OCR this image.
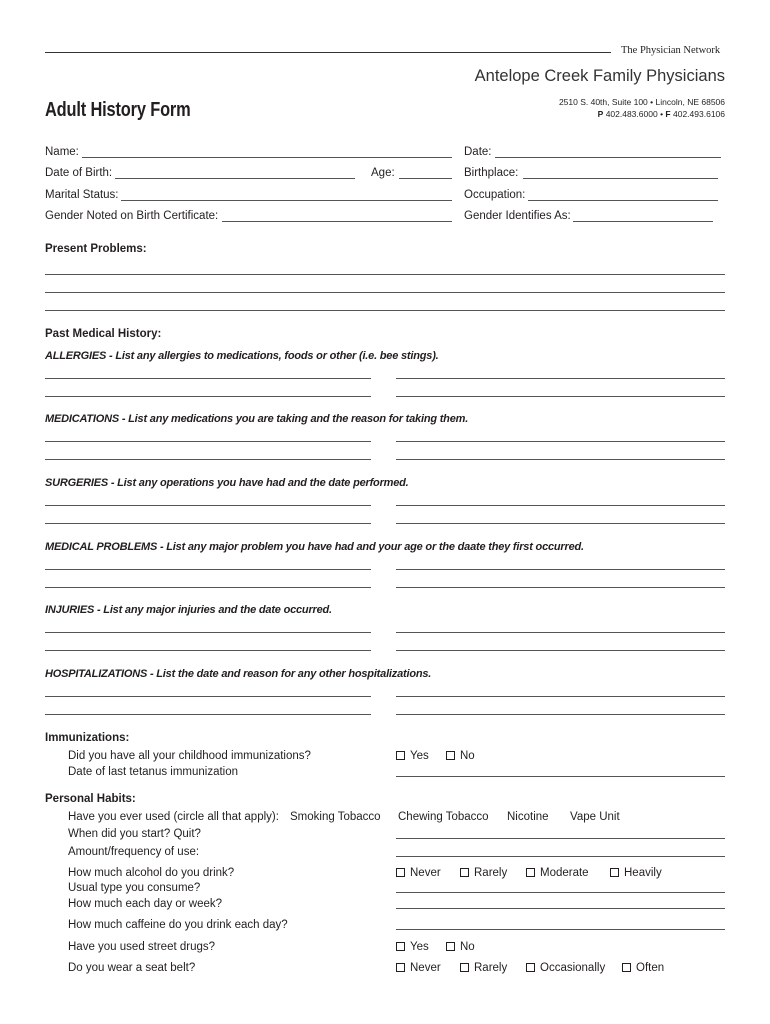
The Physician Network
Antelope Creek Family Physicians
2510 S. 40th, Suite 100 • Lincoln, NE 68506
P 402.483.6000 • F 402.493.6106
Adult History Form
Name:	Date:
Date of Birth:	Age:	Birthplace:
Marital Status:	Occupation:
Gender Noted on Birth Certificate:	Gender Identifies As:
Present Problems:
Past Medical History:
ALLERGIES - List any allergies to medications, foods or other (i.e. bee stings).
MEDICATIONS - List any medications you are taking and the reason for taking them.
SURGERIES - List any operations you have had and the date performed.
MEDICAL PROBLEMS - List any major problem you have had and your age or the daate they first occurred.
INJURIES - List any major injuries and the date occurred.
HOSPITALIZATIONS - List the date and reason for any other hospitalizations.
Immunizations:
Did you have all your childhood immunizations?	Yes	No
Date of last tetanus immunization
Personal Habits:
Have you ever used (circle all that apply): Smoking Tobacco Chewing Tobacco Nicotine Vape Unit
When did you start? Quit?
Amount/frequency of use:
How much alcohol do you drink?	Never	Rarely	Moderate	Heavily
Usual type you consume?
How much each day or week?
How much caffeine do you drink each day?
Have you used street drugs?	Yes	No
Do you wear a seat belt?	Never	Rarely	Occasionally	Often
